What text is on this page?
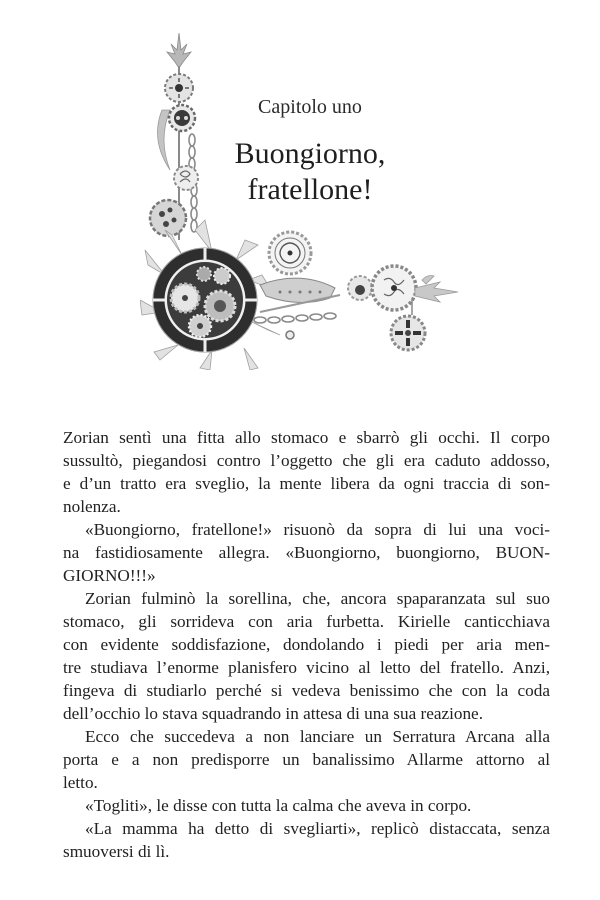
Capitolo uno
Buongiorno,
fratellone!
Zorian sentì una fitta allo stomaco e sbarrò gli occhi. Il corpo
sussultò, piegandosi contro l’oggetto che gli era caduto addosso,
e d’un tratto era sveglio, la mente libera da ogni traccia di son-
nolenza.
«Buongiorno, fratellone!» risuonò da sopra di lui una voci-
na fastidiosamente allegra. «Buongiorno, buongiorno, BUON-
GIORNO!!!»
Zorian fulminò la sorellina, che, ancora spaparanzata sul suo
stomaco, gli sorrideva con aria furbetta. Kirielle canticchiava
con evidente soddisfazione, dondolando i piedi per aria men-
tre studiava l’enorme planisfero vicino al letto del fratello. Anzi,
fingeva di studiarlo perché si vedeva benissimo che con la coda
dell’occhio lo stava squadrando in attesa di una sua reazione.
Ecco che succedeva a non lanciare un Serratura Arcana alla
porta e a non predisporre un banalissimo Allarme attorno al
letto.
«Togliti», le disse con tutta la calma che aveva in corpo.
«La mamma ha detto di svegliarti», replicò distaccata, senza
smuoversi di lì.
